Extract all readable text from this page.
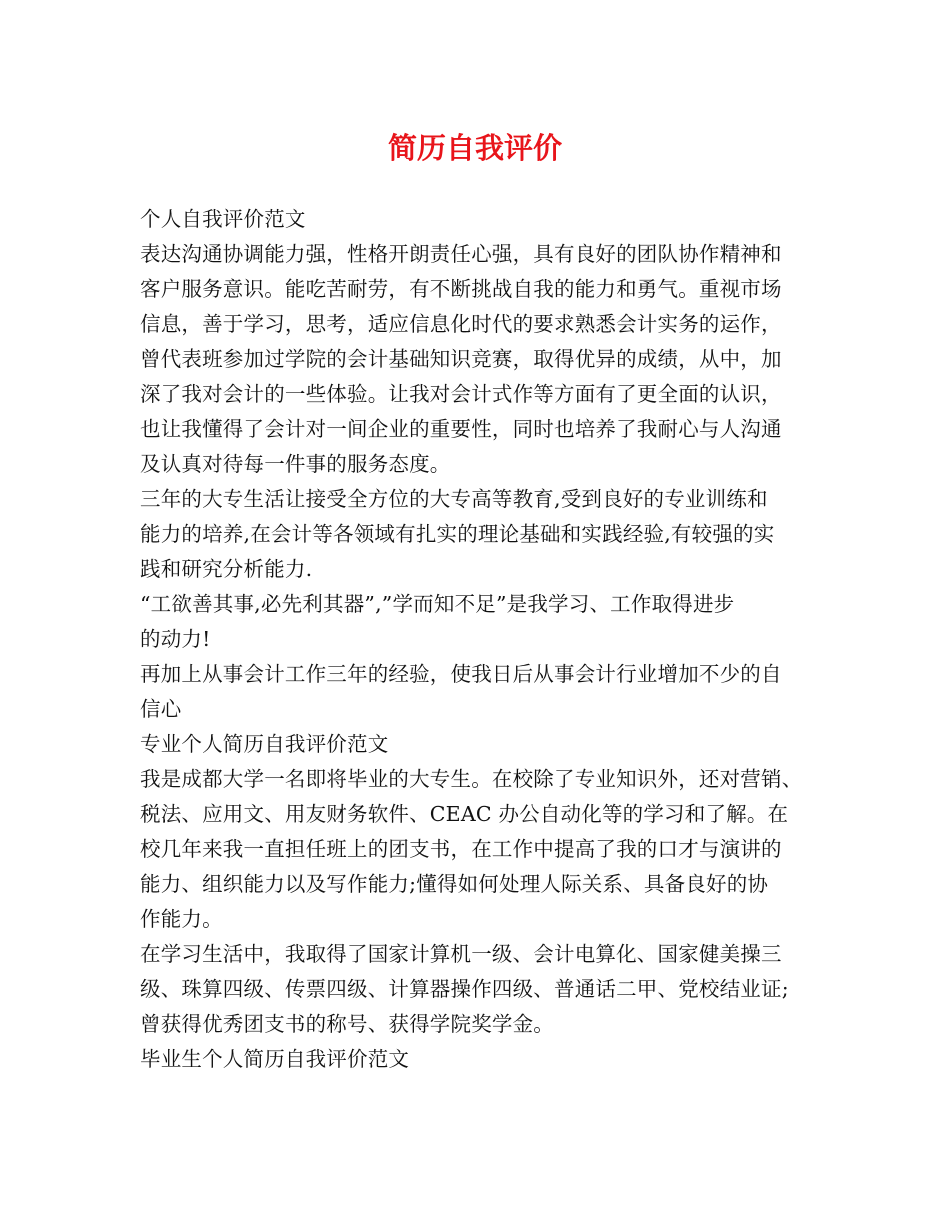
简历自我评价
个人自我评价范文
表达沟通协调能力强，性格开朗责任心强，具有良好的团队协作精神和
客户服务意识。能吃苦耐劳，有不断挑战自我的能力和勇气。重视市场
信息，善于学习，思考，适应信息化时代的要求熟悉会计实务的运作，
曾代表班参加过学院的会计基础知识竞赛，取得优异的成绩，从中，加
深了我对会计的一些体验。让我对会计式作等方面有了更全面的认识，
也让我懂得了会计对一间企业的重要性，同时也培养了我耐心与人沟通
及认真对待每一件事的服务态度。
三年的大专生活让接受全方位的大专高等教育,受到良好的专业训练和
能力的培养,在会计等各领域有扎实的理论基础和实践经验,有较强的实
践和研究分析能力.
“工欲善其事,必先利其器”,”学而知不足”是我学习、工作取得进步
的动力!
再加上从事会计工作三年的经验，使我日后从事会计行业增加不少的自
信心
专业个人简历自我评价范文
我是成都大学一名即将毕业的大专生。在校除了专业知识外，还对营销、
税法、应用文、用友财务软件、CEAC 办公自动化等的学习和了解。在
校几年来我一直担任班上的团支书，在工作中提高了我的口才与演讲的
能力、组织能力以及写作能力;懂得如何处理人际关系、具备良好的协
作能力。
在学习生活中，我取得了国家计算机一级、会计电算化、国家健美操三
级、珠算四级、传票四级、计算器操作四级、普通话二甲、党校结业证;
曾获得优秀团支书的称号、获得学院奖学金。
毕业生个人简历自我评价范文
